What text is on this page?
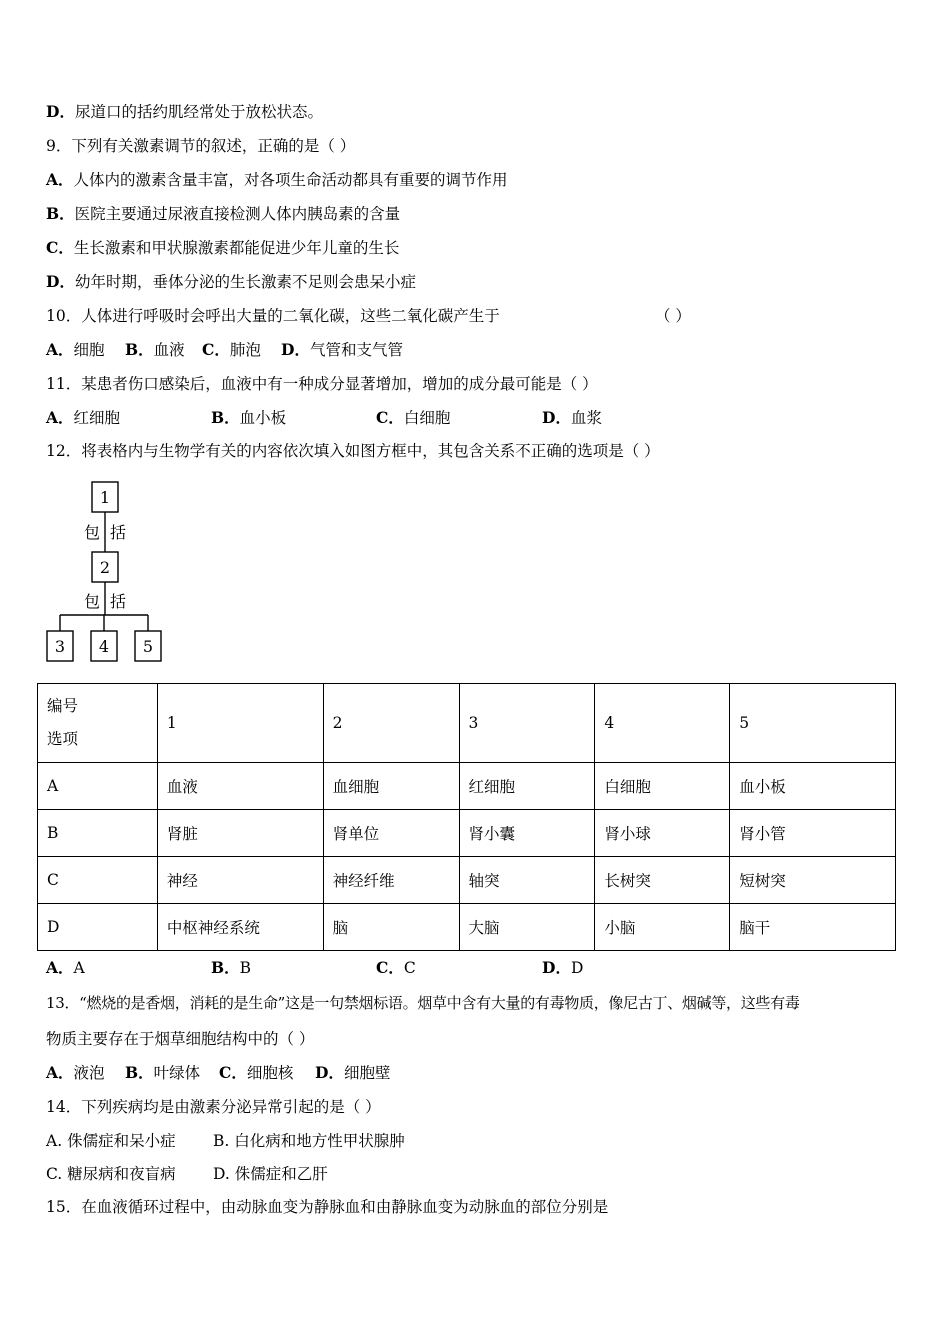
D．尿道口的括约肌经常处于放松状态。
9．下列有关激素调节的叙述，正确的是（ ）
A．人体内的激素含量丰富，对各项生命活动都具有重要的调节作用
B．医院主要通过尿液直接检测人体内胰岛素的含量
C．生长激素和甲状腺激素都能促进少年儿童的生长
D．幼年时期，垂体分泌的生长激素不足则会患呆小症
10．人体进行呼吸时会呼出大量的二氧化碳，这些二氧化碳产生于	（ ）
A．细胞 B．血液 C．肺泡 D．气管和支气管
11．某患者伤口感染后，血液中有一种成分显著增加，增加的成分最可能是（ ）
A．红细胞	B．血小板	C．白细胞	D．血浆
12．将表格内与生物学有关的内容依次填入如图方框中，其包含关系不正确的选项是（ ）
1
2
3 4 5
包 括
包 括
编号
选项	1	2	3	4	5
A	血液	血细胞	红细胞	白细胞	血小板
B	肾脏	肾单位	肾小囊	肾小球	肾小管
C	神经	神经纤维	轴突	长树突	短树突
D	中枢神经系统	脑	大脑	小脑	脑干
A．A	B．B	C．C	D．D
13．“燃烧的是香烟，消耗的是生命”这是一句禁烟标语。烟草中含有大量的有毒物质，像尼古丁、烟碱等，这些有毒
物质主要存在于烟草细胞结构中的（ ）
A．液泡 B．叶绿体 C．细胞核 D．细胞壁
14．下列疾病均是由激素分泌异常引起的是（ ）
A. 侏儒症和呆小症 B. 白化病和地方性甲状腺肿
C. 糖尿病和夜盲病 D. 侏儒症和乙肝
15．在血液循环过程中，由动脉血变为静脉血和由静脉血变为动脉血的部位分别是
